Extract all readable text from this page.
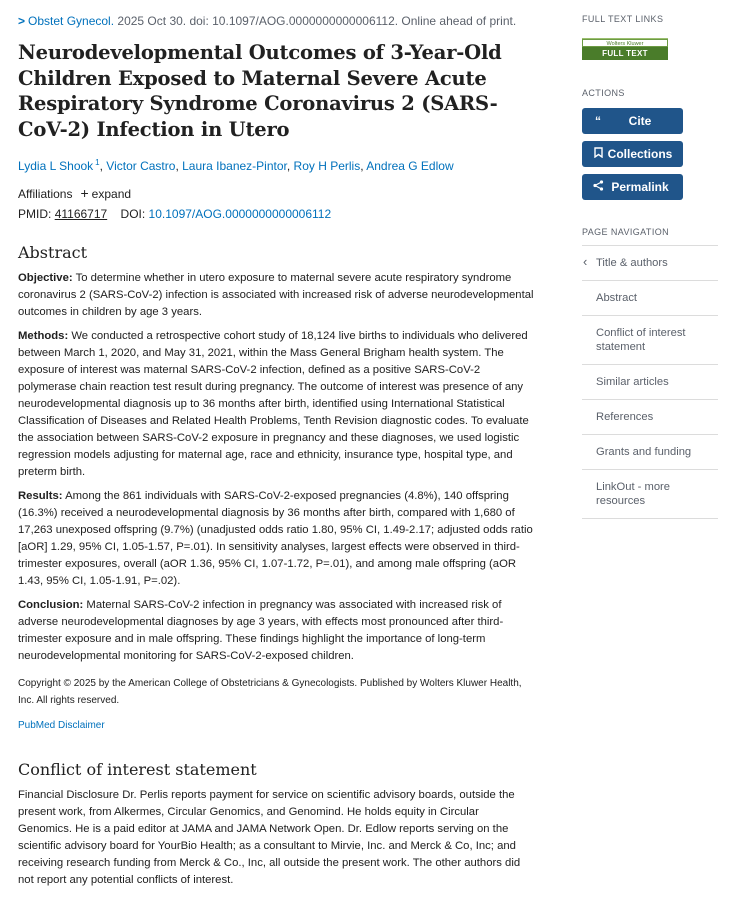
> Obstet Gynecol. 2025 Oct 30. doi: 10.1097/AOG.0000000000006112. Online ahead of print.
Neurodevelopmental Outcomes of 3-Year-Old Children Exposed to Maternal Severe Acute Respiratory Syndrome Coronavirus 2 (SARS-CoV-2) Infection in Utero
Lydia L Shook $^1$, Victor Castro, Laura Ibanez-Pintor, Roy H Perlis, Andrea G Edlow
Affiliations + expand
PMID: 41166717 DOI: 10.1097/AOG.0000000000006112
Abstract

Objective: To determine whether in utero exposure to maternal severe acute respiratory syndrome coronavirus 2 (SARS-CoV-2) infection is associated with increased risk of adverse neurodevelopmental outcomes in children by age 3 years.

Methods: We conducted a retrospective cohort study of 18,124 live births to individuals who delivered between March 1, 2020, and May 31, 2021, within the Mass General Brigham health system. The exposure of interest was maternal SARS-CoV-2 infection, defined as a positive SARS-CoV-2 polymerase chain reaction test result during pregnancy. The outcome of interest was presence of any neurodevelopmental diagnosis up to 36 months after birth, identified using International Statistical Classification of Diseases and Related Health Problems, Tenth Revision diagnostic codes. To evaluate the association between SARS-CoV-2 exposure in pregnancy and these diagnoses, we used logistic regression models adjusting for maternal age, race and ethnicity, insurance type, hospital type, and preterm birth.

Results: Among the 861 individuals with SARS-CoV-2-exposed pregnancies (4.8%), 140 offspring (16.3%) received a neurodevelopmental diagnosis by 36 months after birth, compared with 1,680 of 17,263 unexposed offspring (9.7%) (unadjusted odds ratio 1.80, 95% CI, 1.49-2.17; adjusted odds ratio [aOR] 1.29, 95% CI, 1.05-1.57, P=.01). In sensitivity analyses, largest effects were observed in third-trimester exposures, overall (aOR 1.36, 95% CI, 1.07-1.72, P=.01), and among male offspring (aOR 1.43, 95% CI, 1.05-1.91, P=.02).

Conclusion: Maternal SARS-CoV-2 infection in pregnancy was associated with increased risk of adverse neurodevelopmental diagnoses by age 3 years, with effects most pronounced after third-trimester exposure and in male offspring. These findings highlight the importance of long-term neurodevelopmental monitoring for SARS-CoV-2-exposed children.

Copyright © 2025 by the American College of Obstetricians & Gynecologists. Published by Wolters Kluwer Health, Inc. All rights reserved.

PubMed Disclaimer
Conflict of interest statement

Financial Disclosure Dr. Perlis reports payment for service on scientific advisory boards, outside the present work, from Alkermes, Circular Genomics, and Genomind. He holds equity in Circular Genomics. He is a paid editor at JAMA and JAMA Network Open. Dr. Edlow reports serving on the scientific advisory board for YourBio Health; as a consultant to Mirvie, Inc. and Merck & Co, Inc; and receiving research funding from Merck & Co., Inc, all outside the present work. The other authors did not report any potential conflicts of interest.

FULL TEXT LINKS
Wolters Kluwer
FULL TEXT
ACTIONS
“	Cite
Collections
Permalink
PAGE NAVIGATION
‹ Title & authors
Abstract
Conflict of interest statement
Similar articles
References
Grants and funding
LinkOut - more resources
